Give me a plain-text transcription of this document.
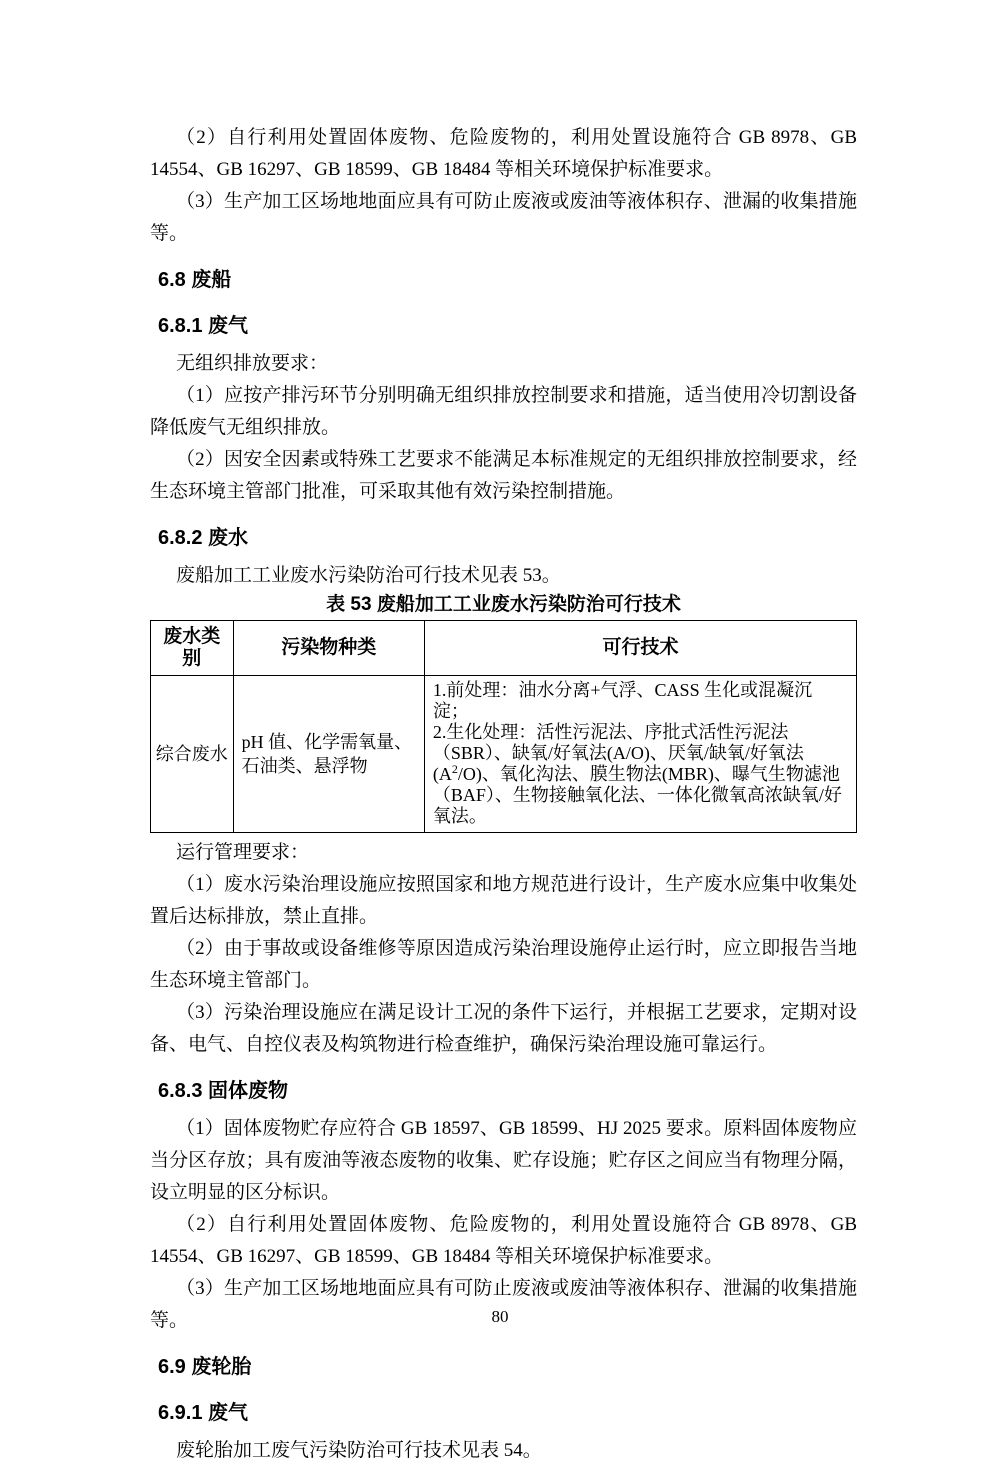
（2）自行利用处置固体废物、危险废物的，利用处置设施符合 GB 8978、GB 14554、GB 16297、GB 18599、GB 18484 等相关环境保护标准要求。

（3）生产加工区场地地面应具有可防止废液或废油等液体积存、泄漏的收集措施等。

6.8 废船
6.8.1 废气

无组织排放要求：

（1）应按产排污环节分别明确无组织排放控制要求和措施，适当使用冷切割设备降低废气无组织排放。

（2）因安全因素或特殊工艺要求不能满足本标准规定的无组织排放控制要求，经生态环境主管部门批准，可采取其他有效污染控制措施。

6.8.2 废水

废船加工工业废水污染防治可行技术见表 53。

表 53 废船加工工业废水污染防治可行技术

废水类别	污染物种类	可行技术
综合废水	pH 值、化学需氧量、石油类、悬浮物	1.前处理：油水分离+气浮、CASS 生化或混凝沉淀；
2.生化处理：活性污泥法、序批式活性污泥法（SBR）、缺氧/好氧法(A/O)、厌氧/缺氧/好氧法$(A^2/O)$、氧化沟法、膜生物法(MBR)、曝气生物滤池（BAF）、生物接触氧化法、一体化微氧高浓缺氧/好氧法。

运行管理要求：

（1）废水污染治理设施应按照国家和地方规范进行设计，生产废水应集中收集处置后达标排放，禁止直排。

（2）由于事故或设备维修等原因造成污染治理设施停止运行时，应立即报告当地生态环境主管部门。

（3）污染治理设施应在满足设计工况的条件下运行，并根据工艺要求，定期对设备、电气、自控仪表及构筑物进行检查维护，确保污染治理设施可靠运行。

6.8.3 固体废物

（1）固体废物贮存应符合 GB 18597、GB 18599、HJ 2025 要求。原料固体废物应当分区存放；具有废油等液态废物的收集、贮存设施；贮存区之间应当有物理分隔，设立明显的区分标识。

（2）自行利用处置固体废物、危险废物的，利用处置设施符合 GB 8978、GB 14554、GB 16297、GB 18599、GB 18484 等相关环境保护标准要求。

（3）生产加工区场地地面应具有可防止废液或废油等液体积存、泄漏的收集措施等。

6.9 废轮胎
6.9.1 废气

废轮胎加工废气污染防治可行技术见表 54。

80
